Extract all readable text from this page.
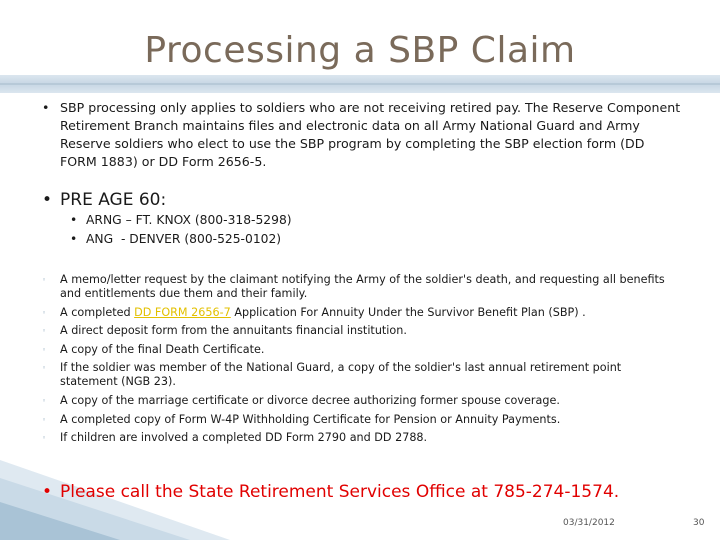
Processing a SBP Claim
• SBP processing only applies to soldiers who are not receiving retired pay. The Reserve Component Retirement Branch maintains files and electronic data on all Army National Guard and Army Reserve soldiers who elect to use the SBP program by completing the SBP election form (DD FORM 1883) or DD Form 2656-5.
• PRE AGE 60:
• ARNG – FT. KNOX (800-318-5298)
• ANG  - DENVER (800-525-0102)
◦ A memo/letter request by the claimant notifying the Army of the soldier's death, and requesting all benefits and entitlements due them and their family.
◦ A completed DD FORM 2656-7 Application For Annuity Under the Survivor Benefit Plan (SBP) .
◦ A direct deposit form from the annuitants financial institution.
◦ A copy of the final Death Certificate.
◦ If the soldier was member of the National Guard, a copy of the soldier's last annual retirement point statement (NGB 23).
◦ A copy of the marriage certificate or divorce decree authorizing former spouse coverage.
◦ A completed copy of Form W-4P Withholding Certificate for Pension or Annuity Payments.
◦ If children are involved a completed DD Form 2790 and DD 2788.
• Please call the State Retirement Services Office at 785-274-1574.
03/31/2012	30
